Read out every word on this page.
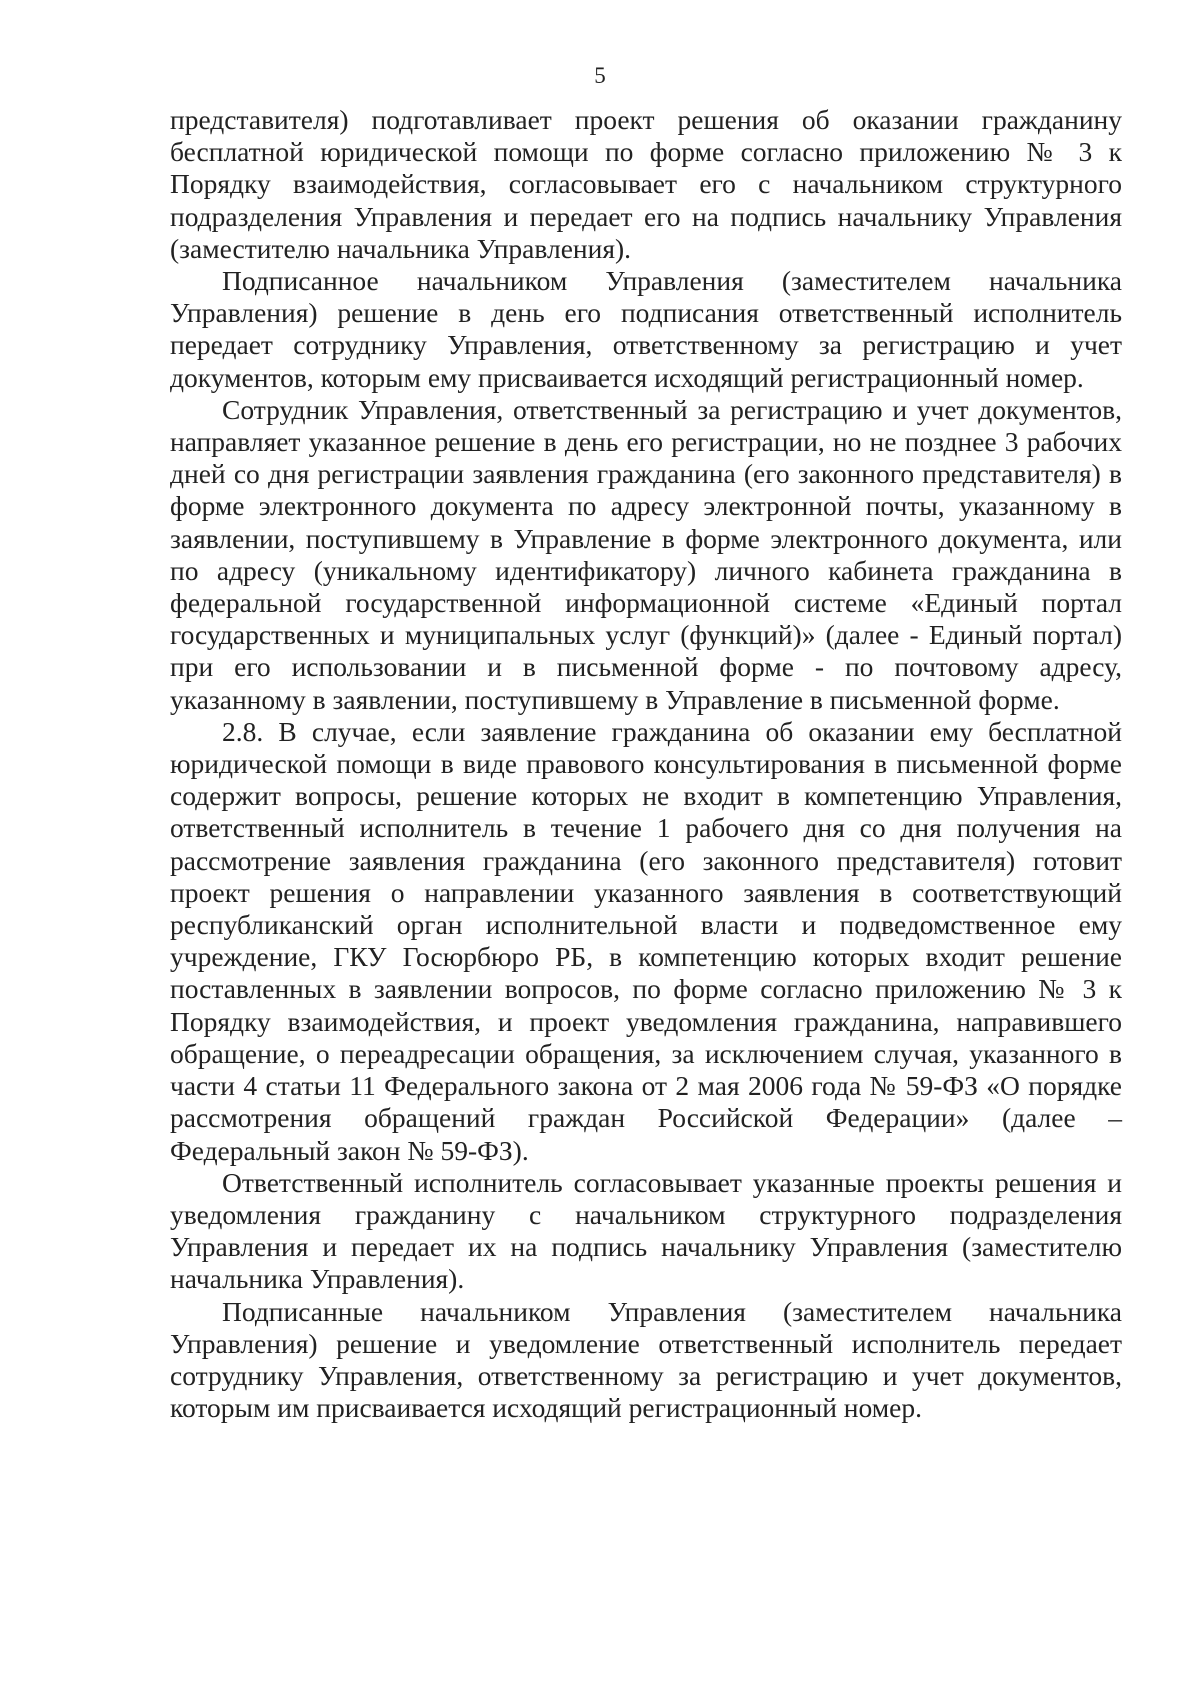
5

представителя) подготавливает проект решения об оказании гражданину бесплатной юридической помощи по форме согласно приложению № 3 к Порядку взаимодействия, согласовывает его с начальником структурного подразделения Управления и передает его на подпись начальнику Управления (заместителю начальника Управления).

Подписанное начальником Управления (заместителем начальника Управления) решение в день его подписания ответственный исполнитель передает сотруднику Управления, ответственному за регистрацию и учет документов, которым ему присваивается исходящий регистрационный номер.

Сотрудник Управления, ответственный за регистрацию и учет документов, направляет указанное решение в день его регистрации, но не позднее 3 рабочих дней со дня регистрации заявления гражданина (его законного представителя) в форме электронного документа по адресу электронной почты, указанному в заявлении, поступившему в Управление в форме электронного документа, или по адресу (уникальному идентификатору) личного кабинета гражданина в федеральной государственной информационной системе «Единый портал государственных и муниципальных услуг (функций)» (далее - Единый портал) при его использовании и в письменной форме - по почтовому адресу, указанному в заявлении, поступившему в Управление в письменной форме.

2.8. В случае, если заявление гражданина об оказании ему бесплатной юридической помощи в виде правового консультирования в письменной форме содержит вопросы, решение которых не входит в компетенцию Управления, ответственный исполнитель в течение 1 рабочего дня со дня получения на рассмотрение заявления гражданина (его законного представителя) готовит проект решения о направлении указанного заявления в соответствующий республиканский орган исполнительной власти и подведомственное ему учреждение, ГКУ Госюрбюро РБ, в компетенцию которых входит решение поставленных в заявлении вопросов, по форме согласно приложению № 3 к Порядку взаимодействия, и проект уведомления гражданина, направившего обращение, о переадресации обращения, за исключением случая, указанного в части 4 статьи 11 Федерального закона от 2 мая 2006 года № 59-ФЗ «О порядке рассмотрения обращений граждан Российской Федерации» (далее – Федеральный закон № 59-ФЗ).

Ответственный исполнитель согласовывает указанные проекты решения и уведомления гражданину с начальником структурного подразделения Управления и передает их на подпись начальнику Управления (заместителю начальника Управления).

Подписанные начальником Управления (заместителем начальника Управления) решение и уведомление ответственный исполнитель передает сотруднику Управления, ответственному за регистрацию и учет документов, которым им присваивается исходящий регистрационный номер.
